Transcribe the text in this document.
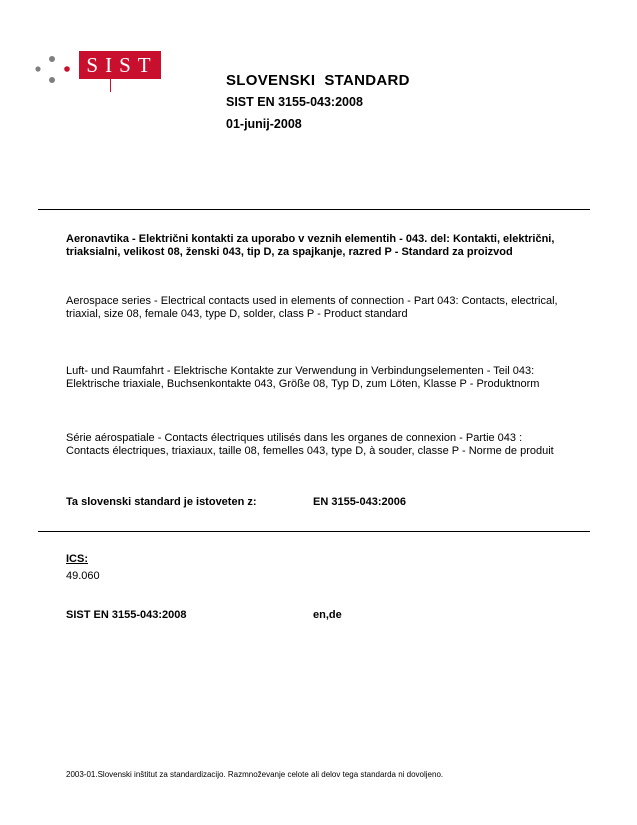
SIST
SLOVENSKI  STANDARD
SIST EN 3155-043:2008
01-junij-2008
Aeronavtika - Električni kontakti za uporabo v veznih elementih - 043. del: Kontakti, električni, triaksialni, velikost 08, ženski 043, tip D, za spajkanje, razred P - Standard za proizvod
Aerospace series - Electrical contacts used in elements of connection - Part 043: Contacts, electrical, triaxial, size 08, female 043, type D, solder, class P - Product standard
Luft- und Raumfahrt - Elektrische Kontakte zur Verwendung in Verbindungselementen - Teil 043: Elektrische triaxiale, Buchsenkontakte 043, Größe 08, Typ D, zum Löten, Klasse P - Produktnorm
Série aérospatiale - Contacts électriques utilisés dans les organes de connexion - Partie 043 : Contacts électriques, triaxiaux, taille 08, femelles 043, type D, à souder, classe P - Norme de produit
Ta slovenski standard je istoveten z:	EN 3155-043:2006
ICS:
49.060
SIST EN 3155-043:2008	en,de
2003-01.Slovenski inštitut za standardizacijo. Razmnoževanje celote ali delov tega standarda ni dovoljeno.
